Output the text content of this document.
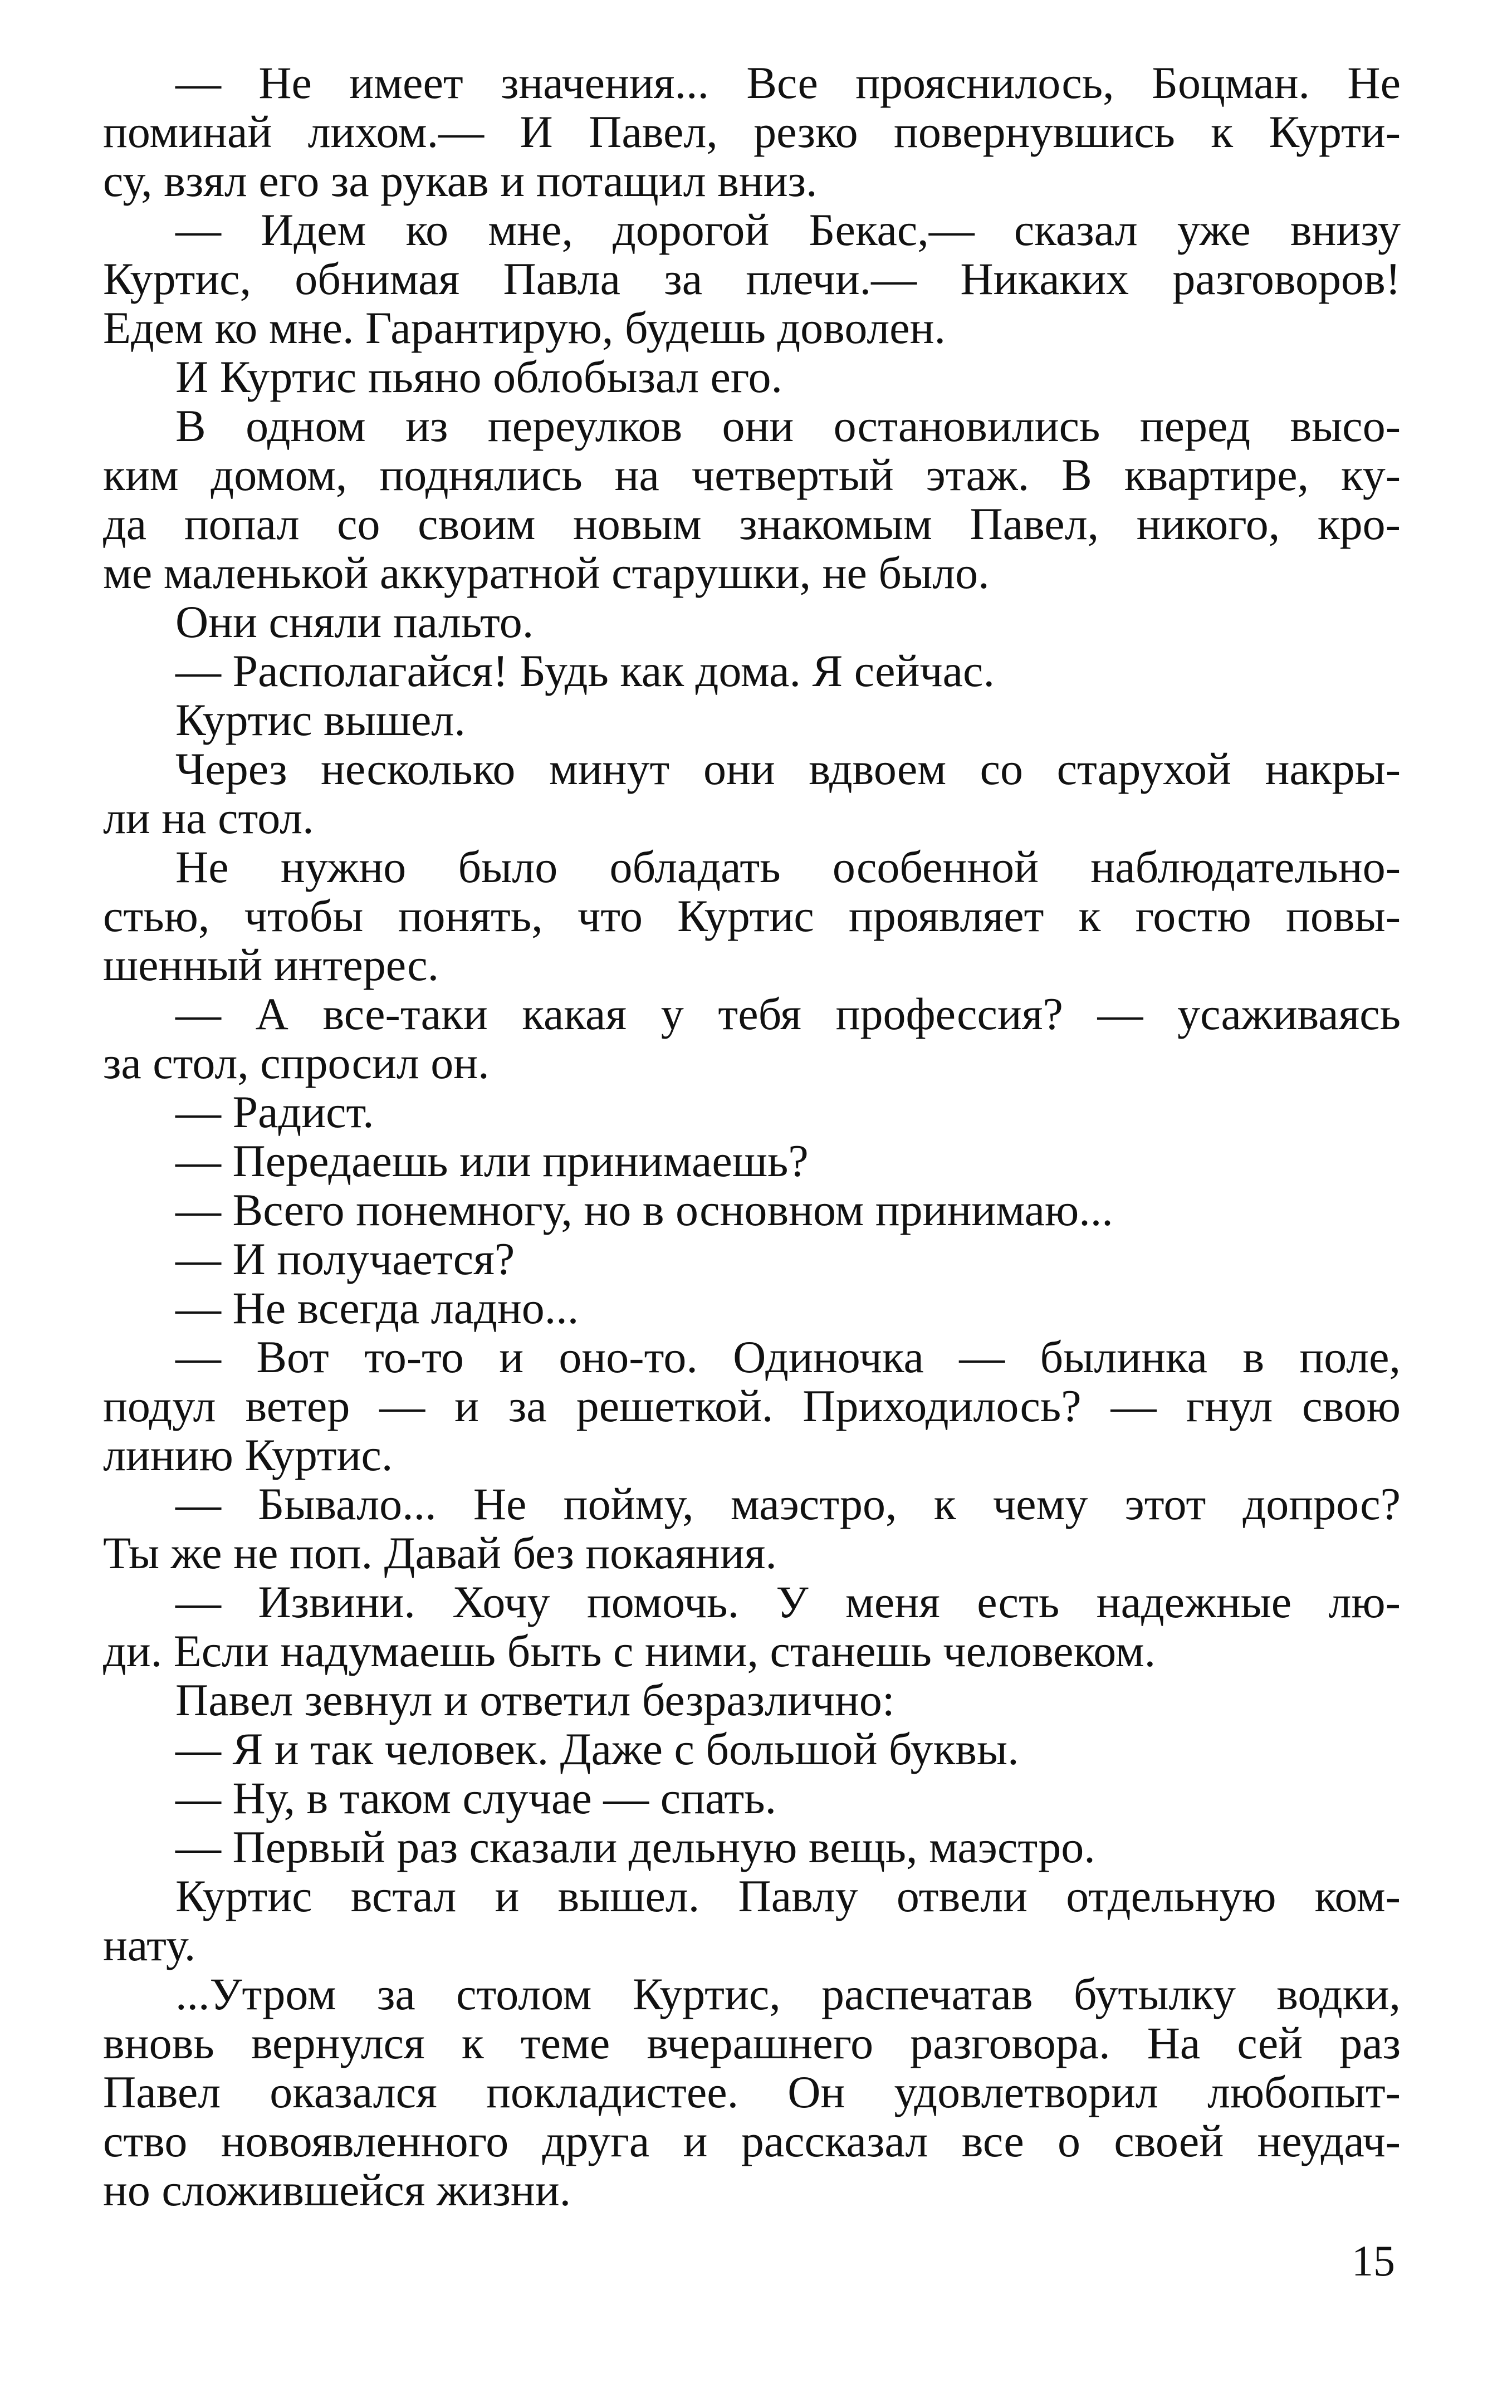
— Не имеет значения... Все прояснилось, Боцман. Не
поминай лихом.— И Павел, резко повернувшись к Курти-
су, взял его за рукав и потащил вниз.

— Идем ко мне, дорогой Бекас,— сказал уже внизу
Куртис, обнимая Павла за плечи.— Никаких разговоров!
Едем ко мне. Гарантирую, будешь доволен.

И Куртис пьяно облобызал его.

В одном из переулков они остановились перед высо-
ким домом, поднялись на четвертый этаж. В квартире, ку-
да попал со своим новым знакомым Павел, никого, кро-
ме маленькой аккуратной старушки, не было.

Они сняли пальто.

— Располагайся! Будь как дома. Я сейчас.

Куртис вышел.

Через несколько минут они вдвоем со старухой накры-
ли на стол.

Не нужно было обладать особенной наблюдательно-
стью, чтобы понять, что Куртис проявляет к гостю повы-
шенный интерес.

— А все-таки какая у тебя профессия? — усаживаясь
за стол, спросил он.

— Радист.

— Передаешь или принимаешь?

— Всего понемногу, но в основном принимаю...

— И получается?

— Не всегда ладно...

— Вот то-то и оно-то. Одиночка — былинка в поле,
подул ветер — и за решеткой. Приходилось? — гнул свою
линию Куртис.

— Бывало... Не пойму, маэстро, к чему этот допрос?
Ты же не поп. Давай без покаяния.

— Извини. Хочу помочь. У меня есть надежные лю-
ди. Если надумаешь быть с ними, станешь человеком.

Павел зевнул и ответил безразлично:

— Я и так человек. Даже с большой буквы.

— Ну, в таком случае — спать.

— Первый раз сказали дельную вещь, маэстро.

Куртис встал и вышел. Павлу отвели отдельную ком-
нату.

...Утром за столом Куртис, распечатав бутылку водки,
вновь вернулся к теме вчерашнего разговора. На сей раз
Павел оказался покладистее. Он удовлетворил любопыт-
ство новоявленного друга и рассказал все о своей неудач-
но сложившейся жизни.

15
